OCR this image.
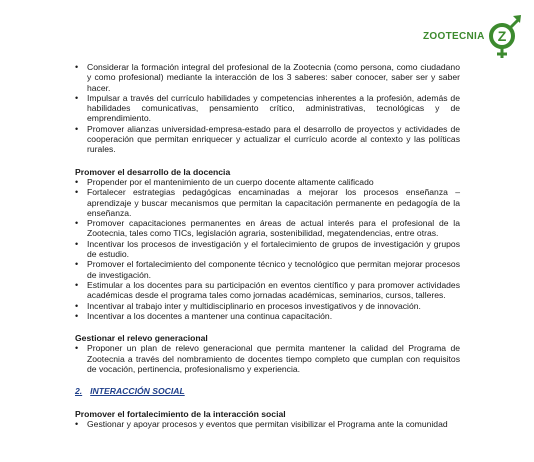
ZOOTECNIA Z
• Considerar la formación integral del profesional de la Zootecnia (como persona, como ciudadano y como profesional) mediante la interacción de los 3 saberes: saber conocer, saber ser y saber hacer.
• Impulsar a través del currículo habilidades y competencias inherentes a la profesión, además de habilidades comunicativas, pensamiento crítico, administrativas, tecnológicas y de emprendimiento.
• Promover alianzas universidad-empresa-estado para el desarrollo de proyectos y actividades de cooperación que permitan enriquecer y actualizar el currículo acorde al contexto y las políticas rurales.

Promover el desarrollo de la docencia

• Propender por el mantenimiento de un cuerpo docente altamente calificado
• Fortalecer estrategias pedagógicas encaminadas a mejorar los procesos enseñanza – aprendizaje y buscar mecanismos que permitan la capacitación permanente en pedagogía de la enseñanza.
• Promover capacitaciones permanentes en áreas de actual interés para el profesional de la Zootecnia, tales como TICs, legislación agraria, sostenibilidad, megatendencias, entre otras.
• Incentivar los procesos de investigación y el fortalecimiento de grupos de investigación y grupos de estudio.
• Promover el fortalecimiento del componente técnico y tecnológico que permitan mejorar procesos de investigación.
• Estimular a los docentes para su participación en eventos científico y para promover actividades académicas desde el programa tales como jornadas académicas, seminarios, cursos, talleres.
• Incentivar al trabajo inter y multidisciplinario en procesos investigativos y de innovación.
• Incentivar a los docentes a mantener una continua capacitación.

Gestionar el relevo generacional

• Proponer un plan de relevo generacional que permita mantener la calidad del Programa de Zootecnia a través del nombramiento de docentes tiempo completo que cumplan con requisitos de vocación, pertinencia, profesionalismo y experiencia.

2. INTERACCIÓN SOCIAL

Promover el fortalecimiento de la interacción social

• Gestionar y apoyar procesos y eventos que permitan visibilizar el Programa ante la comunidad
